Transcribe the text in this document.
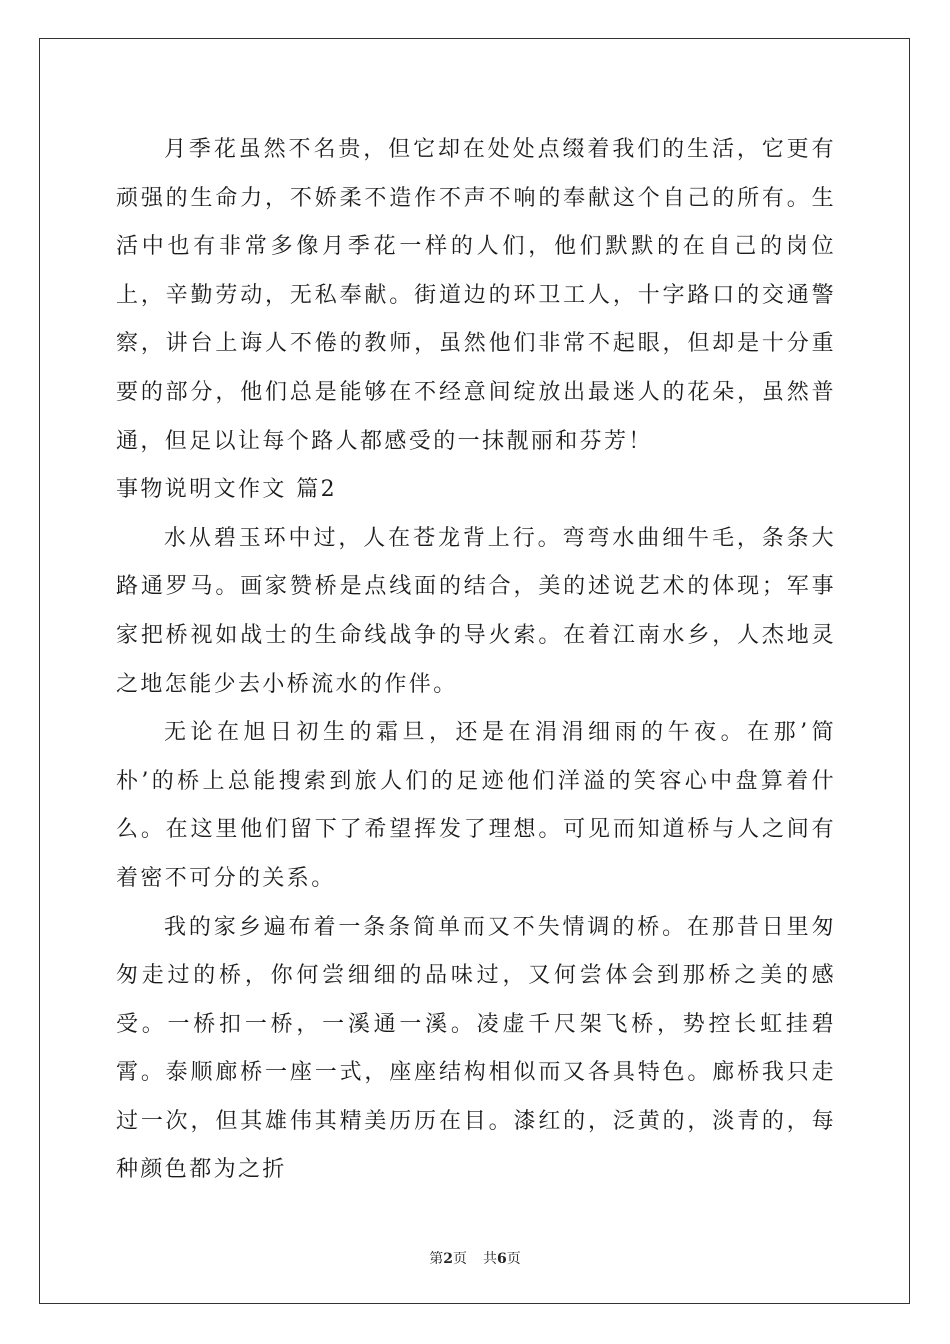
月季花虽然不名贵，但它却在处处点缀着我们的生活，它更有顽强的生命力，不娇柔不造作不声不响的奉献这个自己的所有。生活中也有非常多像月季花一样的人们，他们默默的在自己的岗位上，辛勤劳动，无私奉献。街道边的环卫工人，十字路口的交通警察，讲台上诲人不倦的教师，虽然他们非常不起眼，但却是十分重要的部分，他们总是能够在不经意间绽放出最迷人的花朵，虽然普通，但足以让每个路人都感受的一抹靓丽和芬芳！

事物说明文作文 篇2

水从碧玉环中过，人在苍龙背上行。弯弯水曲细牛毛，条条大路通罗马。画家赞桥是点线面的结合，美的述说艺术的体现；军事家把桥视如战士的生命线战争的导火索。在着江南水乡，人杰地灵之地怎能少去小桥流水的作伴。

无论在旭日初生的霜旦，还是在涓涓细雨的午夜。在那’简朴’的桥上总能搜索到旅人们的足迹他们洋溢的笑容心中盘算着什么。在这里他们留下了希望挥发了理想。可见而知道桥与人之间有着密不可分的关系。

我的家乡遍布着一条条简单而又不失情调的桥。在那昔日里匆匆走过的桥，你何尝细细的品味过，又何尝体会到那桥之美的感受。一桥扣一桥，一溪通一溪。凌虚千尺架飞桥，势控长虹挂碧霄。泰顺廊桥一座一式，座座结构相似而又各具特色。廊桥我只走过一次，但其雄伟其精美历历在目。漆红的，泛黄的，淡青的，每种颜色都为之折

第2页 共6页
